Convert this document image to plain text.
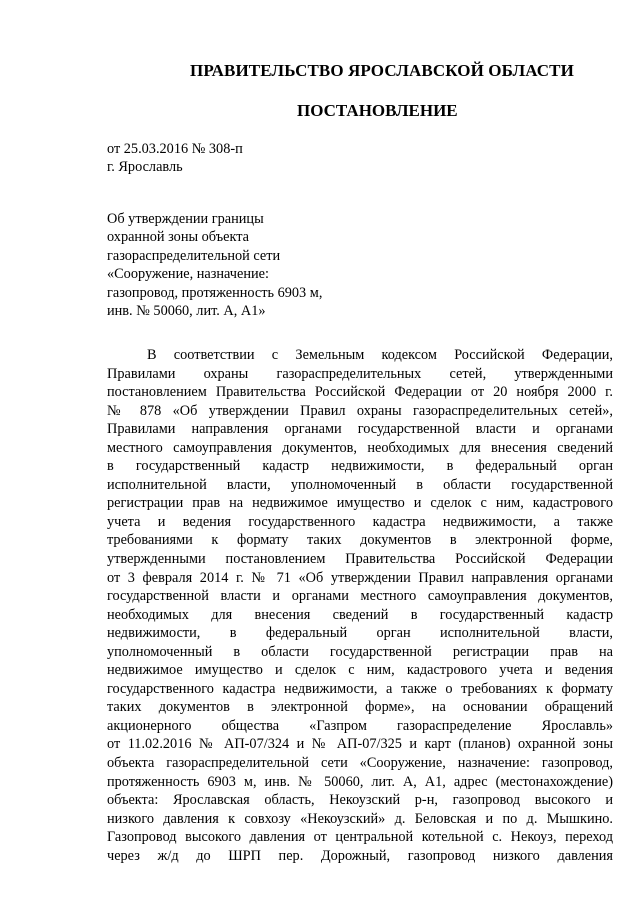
ПРАВИТЕЛЬСТВО ЯРОСЛАВСКОЙ ОБЛАСТИ
ПОСТАНОВЛЕНИЕ
от 25.03.2016 № 308-п
г. Ярославль
Об утверждении границы
охранной зоны объекта
газораспределительной сети
«Сооружение, назначение:
газопровод, протяженность 6903 м,
инв. № 50060, лит. А, А1»
В соответствии с Земельным кодексом Российской Федерации,
Правилами охраны газораспределительных сетей, утвержденными
постановлением Правительства Российской Федерации от 20 ноября 2000 г.
№ 878 «Об утверждении Правил охраны газораспределительных сетей»,
Правилами направления органами государственной власти и органами
местного самоуправления документов, необходимых для внесения сведений
в государственный кадастр недвижимости, в федеральный орган
исполнительной власти, уполномоченный в области государственной
регистрации прав на недвижимое имущество и сделок с ним, кадастрового
учета и ведения государственного кадастра недвижимости, а также
требованиями к формату таких документов в электронной форме,
утвержденными постановлением Правительства Российской Федерации
от 3 февраля 2014 г. № 71 «Об утверждении Правил направления органами
государственной власти и органами местного самоуправления документов,
необходимых для внесения сведений в государственный кадастр
недвижимости, в федеральный орган исполнительной власти,
уполномоченный в области государственной регистрации прав на
недвижимое имущество и сделок с ним, кадастрового учета и ведения
государственного кадастра недвижимости, а также о требованиях к формату
таких документов в электронной форме», на основании обращений
акционерного общества «Газпром газораспределение Ярославль»
от 11.02.2016 № АП-07/324 и № АП-07/325 и карт (планов) охранной зоны
объекта газораспределительной сети «Сооружение, назначение: газопровод,
протяженность 6903 м, инв. № 50060, лит. А, А1, адрес (местонахождение)
объекта: Ярославская область, Некоузский р-н, газопровод высокого и
низкого давления к совхозу «Некоузский» д. Беловская и по д. Мышкино.
Газопровод высокого давления от центральной котельной с. Некоуз, переход
через ж/д до ШРП пер. Дорожный, газопровод низкого давления
